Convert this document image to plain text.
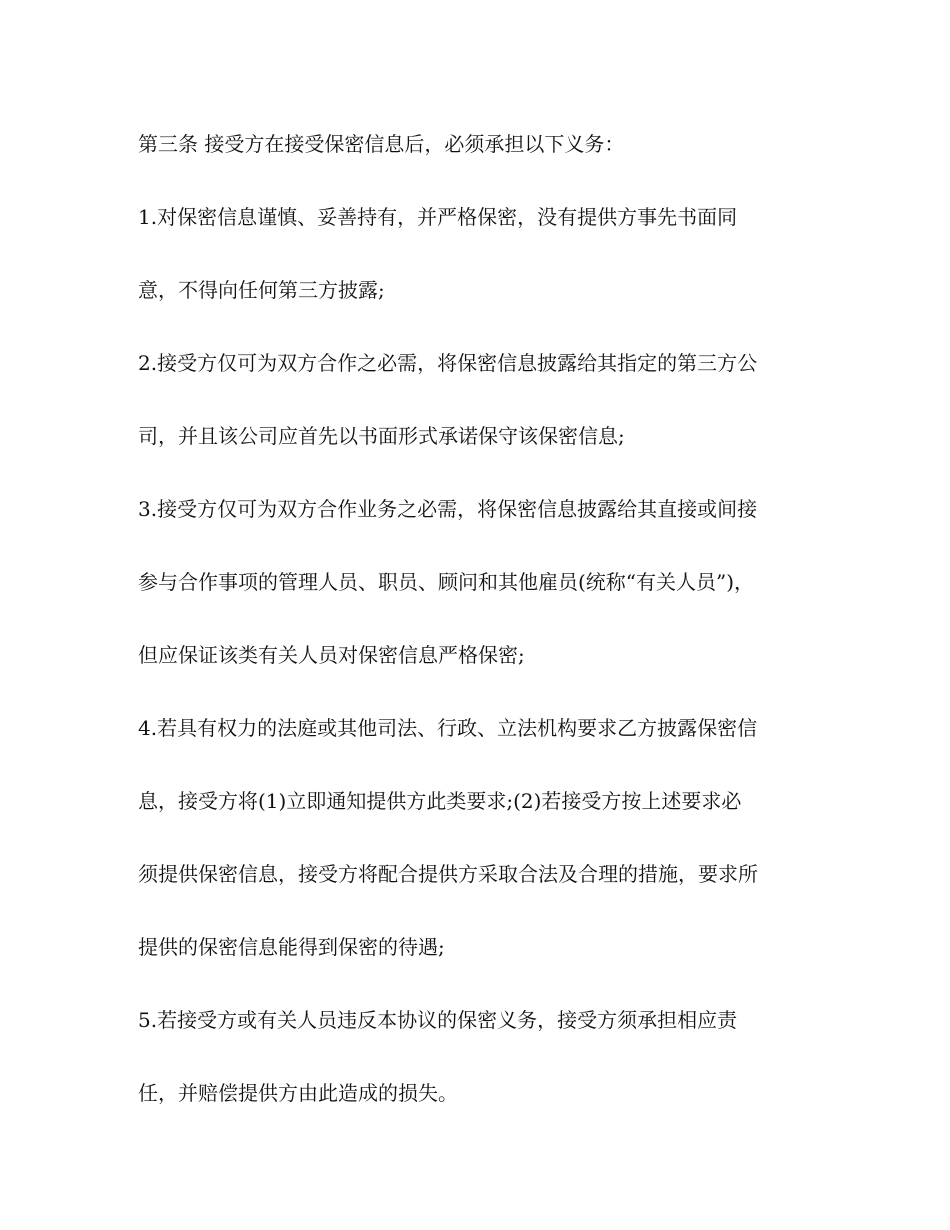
第三条 接受方在接受保密信息后，必须承担以下义务：
1.对保密信息谨慎、妥善持有，并严格保密，没有提供方事先书面同
意，不得向任何第三方披露;
2.接受方仅可为双方合作之必需，将保密信息披露给其指定的第三方公
司，并且该公司应首先以书面形式承诺保守该保密信息;
3.接受方仅可为双方合作业务之必需，将保密信息披露给其直接或间接
参与合作事项的管理人员、职员、顾问和其他雇员(统称“有关人员”)，
但应保证该类有关人员对保密信息严格保密;
4.若具有权力的法庭或其他司法、行政、立法机构要求乙方披露保密信
息，接受方将(1)立即通知提供方此类要求;(2)若接受方按上述要求必
须提供保密信息，接受方将配合提供方采取合法及合理的措施，要求所
提供的保密信息能得到保密的待遇;
5.若接受方或有关人员违反本协议的保密义务，接受方须承担相应责
任，并赔偿提供方由此造成的损失。
